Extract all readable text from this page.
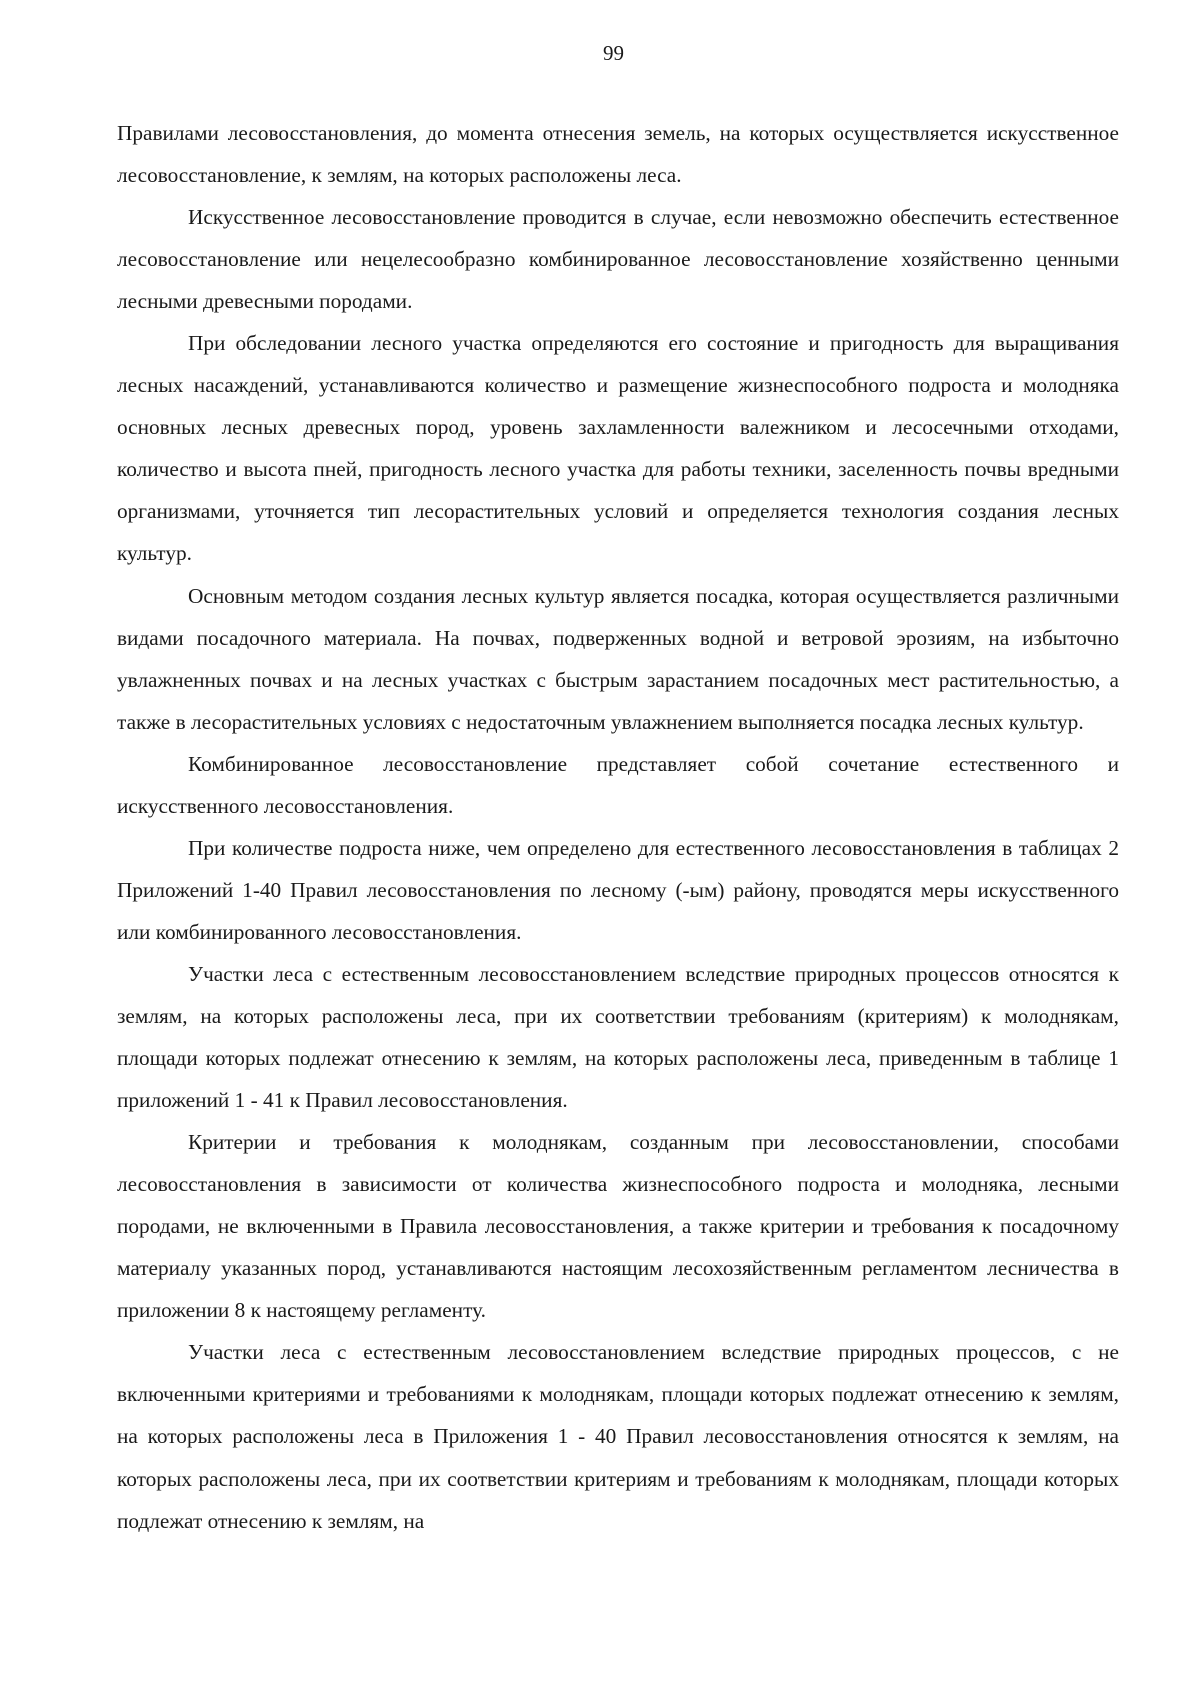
99

Правилами лесовосстановления, до момента отнесения земель, на которых осуществляется искусственное лесовосстановление, к землям, на которых расположены леса.

Искусственное лесовосстановление проводится в случае, если невозможно обеспечить естественное лесовосстановление или нецелесообразно комбинированное лесовосстановление хозяйственно ценными лесными древесными породами.

При обследовании лесного участка определяются его состояние и пригодность для выращивания лесных насаждений, устанавливаются количество и размещение жизнеспособного подроста и молодняка основных лесных древесных пород, уровень захламленности валежником и лесосечными отходами, количество и высота пней, пригодность лесного участка для работы техники, заселенность почвы вредными организмами, уточняется тип лесорастительных условий и определяется технология создания лесных культур.

Основным методом создания лесных культур является посадка, которая осуществляется различными видами посадочного материала. На почвах, подверженных водной и ветровой эрозиям, на избыточно увлажненных почвах и на лесных участках с быстрым зарастанием посадочных мест растительностью, а также в лесорастительных условиях с недостаточным увлажнением выполняется посадка лесных культур.

Комбинированное лесовосстановление представляет собой сочетание естественного и искусственного лесовосстановления.

При количестве подроста ниже, чем определено для естественного лесовосстановления в таблицах 2 Приложений 1-40 Правил лесовосстановления по лесному (-ым) району, проводятся меры искусственного или комбинированного лесовосстановления.

Участки леса с естественным лесовосстановлением вследствие природных процессов относятся к землям, на которых расположены леса, при их соответствии требованиям (критериям) к молоднякам, площади которых подлежат отнесению к землям, на которых расположены леса, приведенным в таблице 1 приложений 1 - 41 к Правил лесовосстановления.

Критерии и требования к молоднякам, созданным при лесовосстановлении, способами лесовосстановления в зависимости от количества жизнеспособного подроста и молодняка, лесными породами, не включенными в Правила лесовосстановления, а также критерии и требования к посадочному материалу указанных пород, устанавливаются настоящим лесохозяйственным регламентом лесничества в приложении 8 к настоящему регламенту.

Участки леса с естественным лесовосстановлением вследствие природных процессов, с не включенными критериями и требованиями к молоднякам, площади которых подлежат отнесению к землям, на которых расположены леса в Приложения 1 - 40 Правил лесовосстановления относятся к землям, на которых расположены леса, при их соответствии критериям и требованиям к молоднякам, площади которых подлежат отнесению к землям, на
